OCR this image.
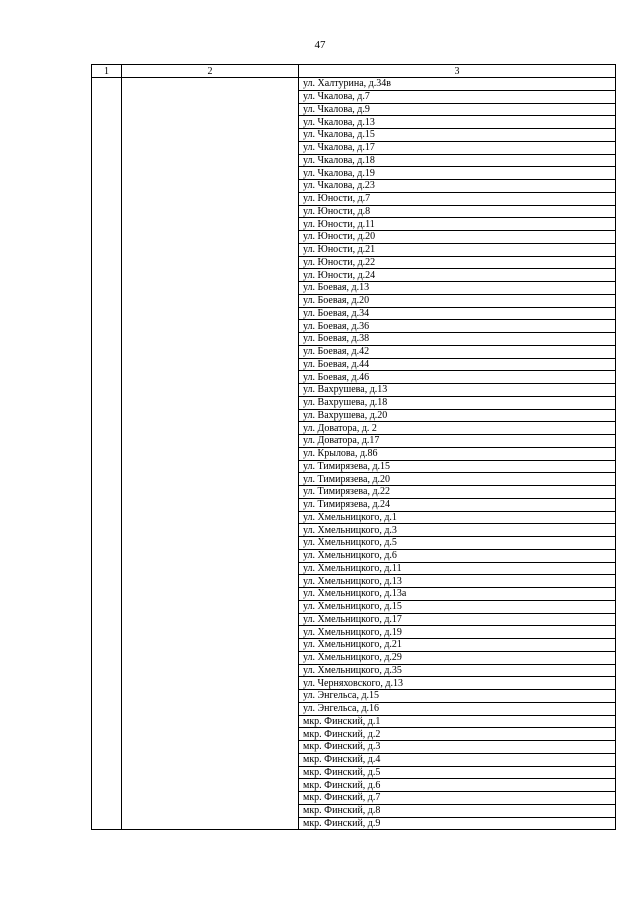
47
1	2	3
		ул. Халтурина, д.34в
		ул. Чкалова, д.7
		ул. Чкалова, д.9
		ул. Чкалова, д.13
		ул. Чкалова, д.15
		ул. Чкалова, д.17
		ул. Чкалова, д.18
		ул. Чкалова, д.19
		ул. Чкалова, д.23
		ул. Юности, д.7
		ул. Юности, д.8
		ул. Юности, д.11
		ул. Юности, д.20
		ул. Юности, д.21
		ул. Юности, д.22
		ул. Юности, д.24
		ул. Боевая, д.13
		ул. Боевая, д.20
		ул. Боевая, д.34
		ул. Боевая, д.36
		ул. Боевая, д.38
		ул. Боевая, д.42
		ул. Боевая, д.44
		ул. Боевая, д.46
		ул. Вахрушева, д.13
		ул. Вахрушева, д.18
		ул. Вахрушева, д.20
		ул. Доватора, д. 2
		ул. Доватора, д.17
		ул. Крылова, д.86
		ул. Тимирязева, д.15
		ул. Тимирязева, д.20
		ул. Тимирязева, д.22
		ул. Тимирязева, д.24
		ул. Хмельницкого, д.1
		ул. Хмельницкого, д.3
		ул. Хмельницкого, д.5
		ул. Хмельницкого, д.6
		ул. Хмельницкого, д.11
		ул. Хмельницкого, д.13
		ул. Хмельницкого, д.13а
		ул. Хмельницкого, д.15
		ул. Хмельницкого, д.17
		ул. Хмельницкого, д.19
		ул. Хмельницкого, д.21
		ул. Хмельницкого, д.29
		ул. Хмельницкого, д.35
		ул. Черняховского, д.13
		ул. Энгельса, д.15
		ул. Энгельса, д.16
		мкр. Финский, д.1
		мкр. Финский, д.2
		мкр. Финский, д.3
		мкр. Финский, д.4
		мкр. Финский, д.5
		мкр. Финский, д.6
		мкр. Финский, д.7
		мкр. Финский, д.8
		мкр. Финский, д.9
